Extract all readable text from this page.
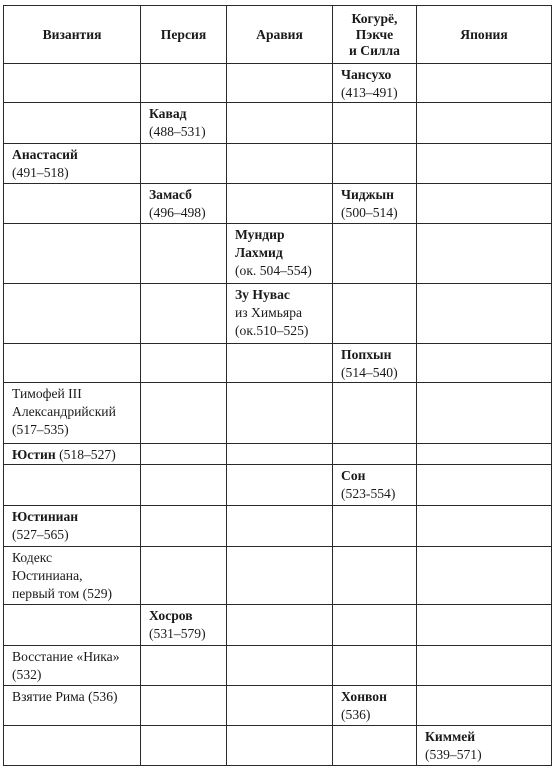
Византия	Персия	Аравия	Когурё,
Пэкче
и Силла	Япония
			Чансухо
(413–491)	
	Кавад
(488–531)			
Анастасий
(491–518)				
	Замасб
(496–498)		Чиджын
(500–514)	
		Мундир
Лахмид
(ок. 504–554)		
		Зу Нувас
из Химьяра
(ок.510–525)		
			Попхын
(514–540)	
Тимофей III
Александрийский
(517–535)				
Юстин (518–527)				
			Сон
(523-554)	
Юстиниан
(527–565)				
Кодекс
Юстиниана,
первый том (529)				
	Хосров
(531–579)			
Восстание «Ника»
(532)				
Взятие Рима (536)			Хонвон
(536)	
				Киммей
(539–571)
